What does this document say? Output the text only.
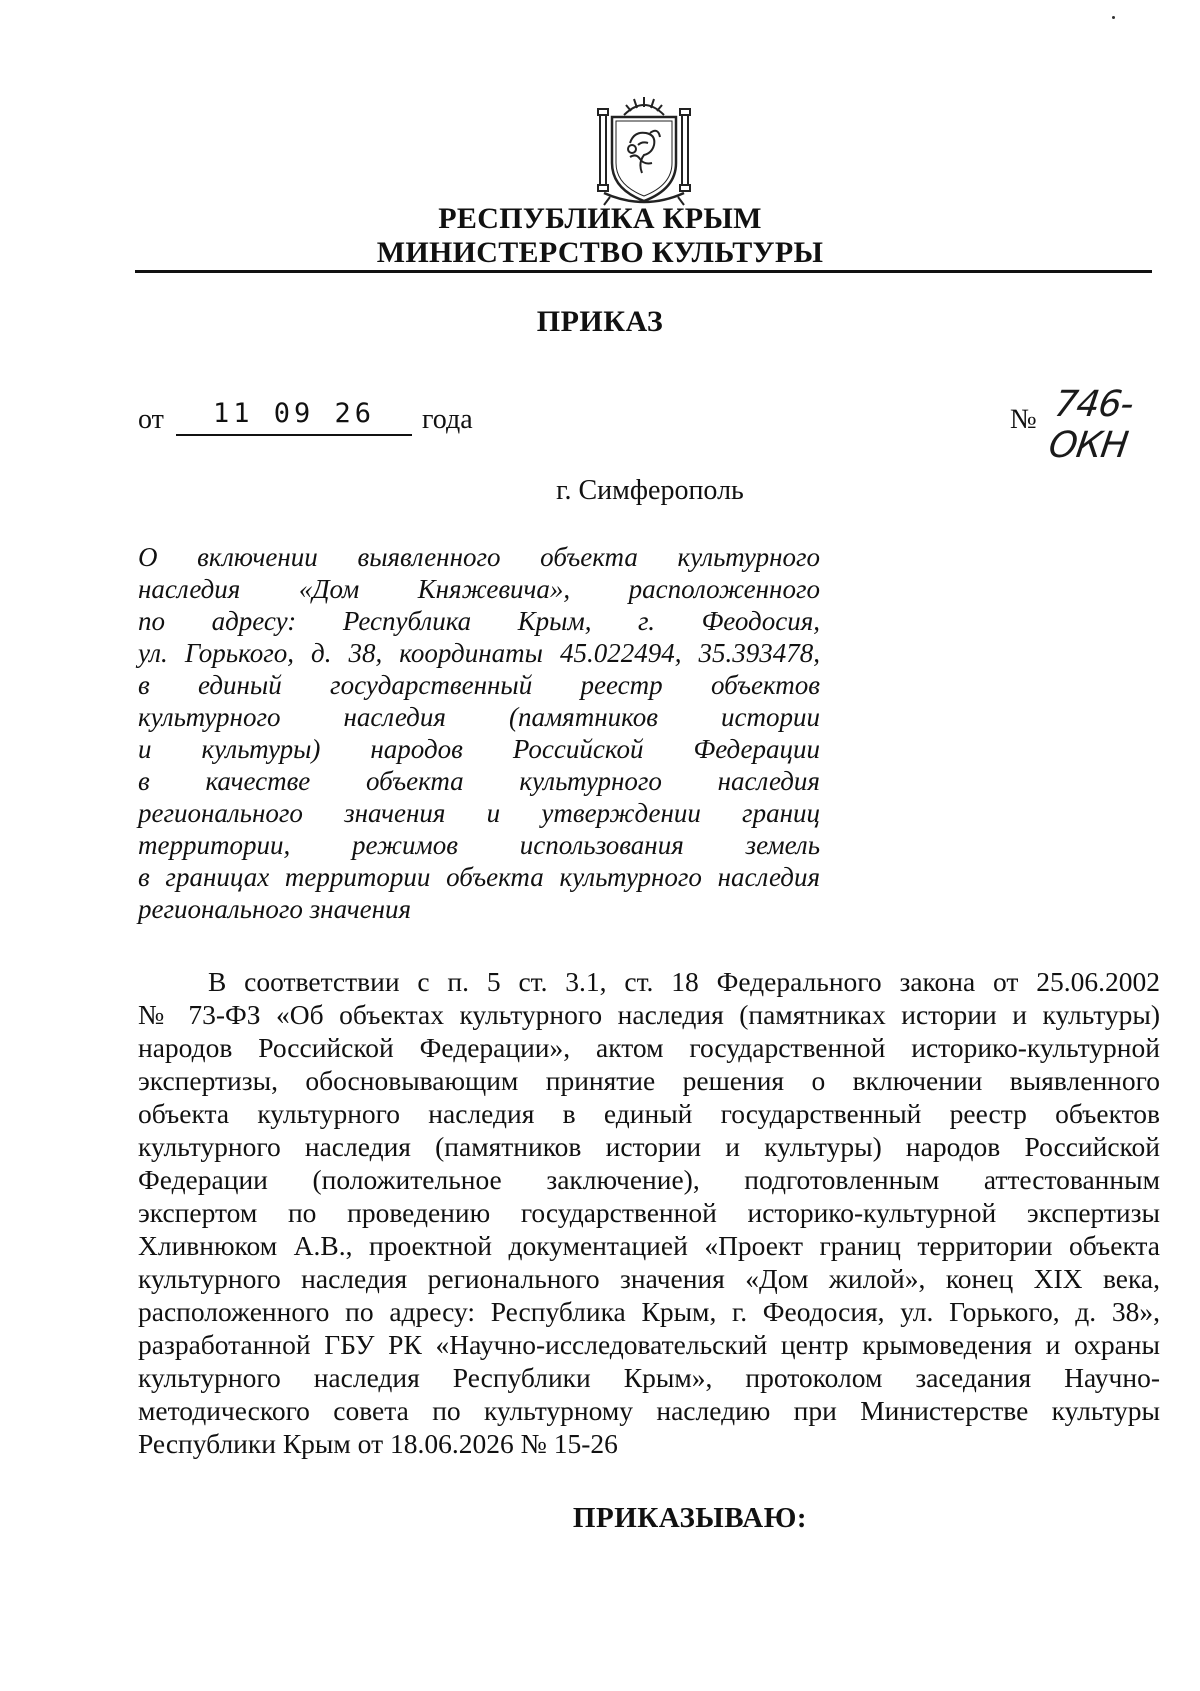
РЕСПУБЛИКА КРЫМ
МИНИСТЕРСТВО КУЛЬТУРЫ
ПРИКАЗ
от	11 09 26	года	№ 746-ОКН
г. Симферополь
О включении выявленного объекта культурного
наследия «Дом Княжевича», расположенного
по адресу: Республика Крым, г. Феодосия,
ул. Горького, д. 38, координаты 45.022494, 35.393478,
в единый государственный реестр объектов
культурного наследия (памятников истории
и культуры) народов Российской Федерации
в качестве объекта культурного наследия
регионального значения и утверждении границ
территории, режимов использования земель
в границах территории объекта культурного наследия
регионального значения
В соответствии с п. 5 ст. 3.1, ст. 18 Федерального закона от 25.06.2002
№ 73-ФЗ «Об объектах культурного наследия (памятниках истории и культуры)
народов Российской Федерации», актом государственной историко-культурной
экспертизы, обосновывающим принятие решения о включении выявленного
объекта культурного наследия в единый государственный реестр объектов
культурного наследия (памятников истории и культуры) народов Российской
Федерации (положительное заключение), подготовленным аттестованным
экспертом по проведению государственной историко-культурной экспертизы
Хливнюком А.В., проектной документацией «Проект границ территории объекта
культурного наследия регионального значения «Дом жилой», конец XIX века,
расположенного по адресу: Республика Крым, г. Феодосия, ул. Горького, д. 38»,
разработанной ГБУ РК «Научно-исследовательский центр крымоведения и охраны
культурного наследия Республики Крым», протоколом заседания Научно-
методического совета по культурному наследию при Министерстве культуры
Республики Крым от 18.06.2026 № 15-26
ПРИКАЗЫВАЮ:
